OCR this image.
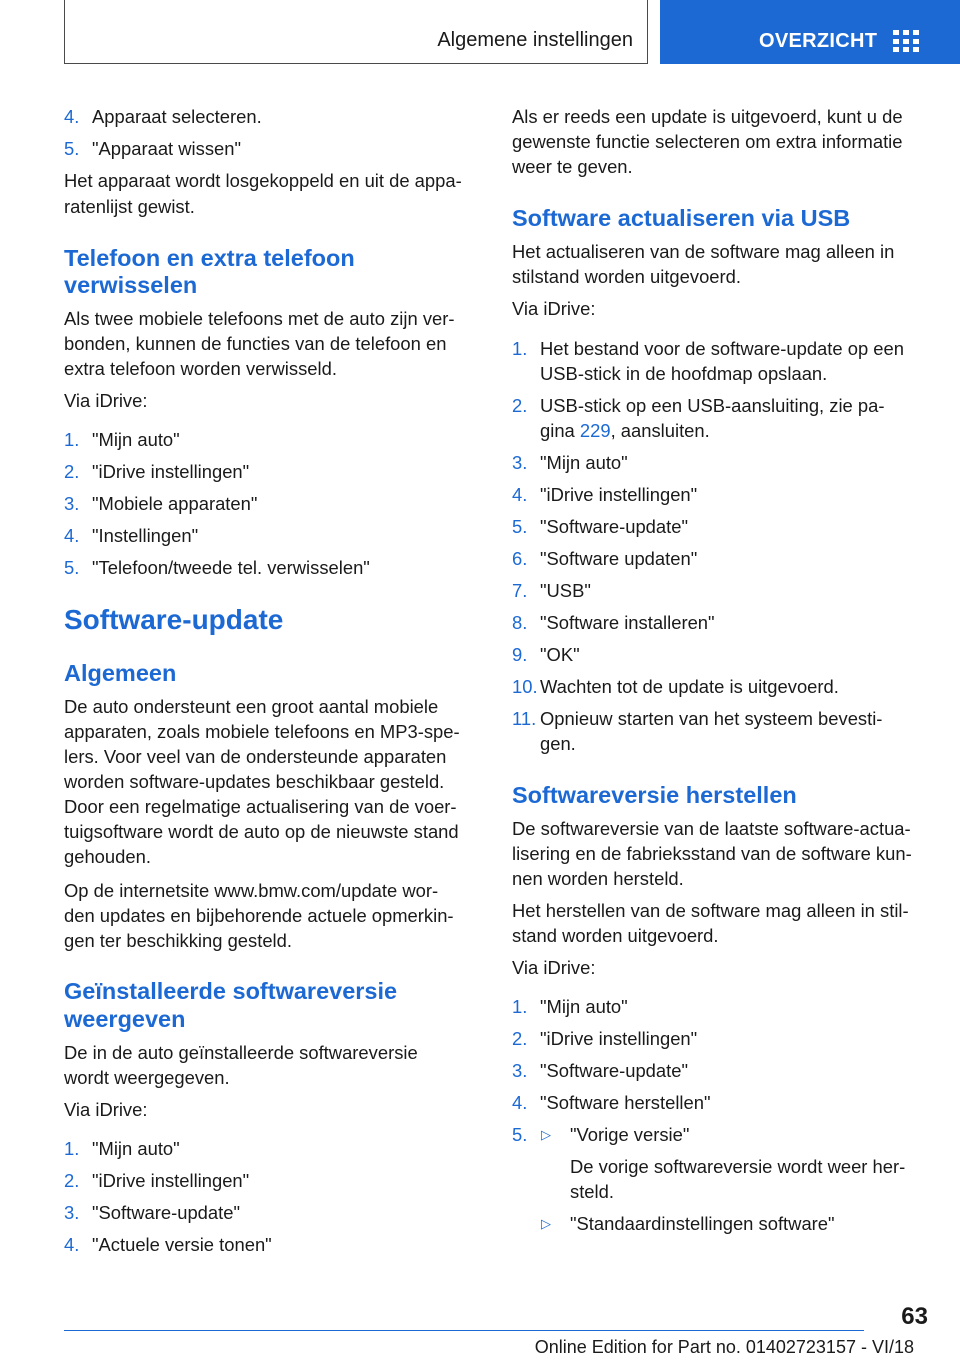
Algemene instellingen	OVERZICHT
4. Apparaat selecteren.
5. "Apparaat wissen"
Het apparaat wordt losgekoppeld en uit de appa-
ratenlijst gewist.
Telefoon en extra telefoon
verwisselen
Als twee mobiele telefoons met de auto zijn ver-
bonden, kunnen de functies van de telefoon en
extra telefoon worden verwisseld.
Via iDrive:
1. "Mijn auto"
2. "iDrive instellingen"
3. "Mobiele apparaten"
4. "Instellingen"
5. "Telefoon/tweede tel. verwisselen"
Software-update
Algemeen
De auto ondersteunt een groot aantal mobiele
apparaten, zoals mobiele telefoons en MP3-spe-
lers. Voor veel van de ondersteunde apparaten
worden software-updates beschikbaar gesteld.
Door een regelmatige actualisering van de voer-
tuigsoftware wordt de auto op de nieuwste stand
gehouden.
Op de internetsite www.bmw.com/update wor-
den updates en bijbehorende actuele opmerkin-
gen ter beschikking gesteld.
Geïnstalleerde softwareversie
weergeven
De in de auto geïnstalleerde softwareversie
wordt weergegeven.
Via iDrive:
1. "Mijn auto"
2. "iDrive instellingen"
3. "Software-update"
4. "Actuele versie tonen"
Als er reeds een update is uitgevoerd, kunt u de
gewenste functie selecteren om extra informatie
weer te geven.
Software actualiseren via USB
Het actualiseren van de software mag alleen in
stilstand worden uitgevoerd.
Via iDrive:
1. Het bestand voor de software-update op een
USB-stick in de hoofdmap opslaan.
2. USB-stick op een USB-aansluiting, zie pa-
gina 229, aansluiten.
3. "Mijn auto"
4. "iDrive instellingen"
5. "Software-update"
6. "Software updaten"
7. "USB"
8. "Software installeren"
9. "OK"
10. Wachten tot de update is uitgevoerd.
11. Opnieuw starten van het systeem bevesti-
gen.
Softwareversie herstellen
De softwareversie van de laatste software-actua-
lisering en de fabrieksstand van de software kun-
nen worden hersteld.
Het herstellen van de software mag alleen in stil-
stand worden uitgevoerd.
Via iDrive:
1. "Mijn auto"
2. "iDrive instellingen"
3. "Software-update"
4. "Software herstellen"
5. ▷ "Vorige versie"
De vorige softwareversie wordt weer her-
steld.
▷ "Standaardinstellingen software"
63
Online Edition for Part no. 01402723157 - VI/18
